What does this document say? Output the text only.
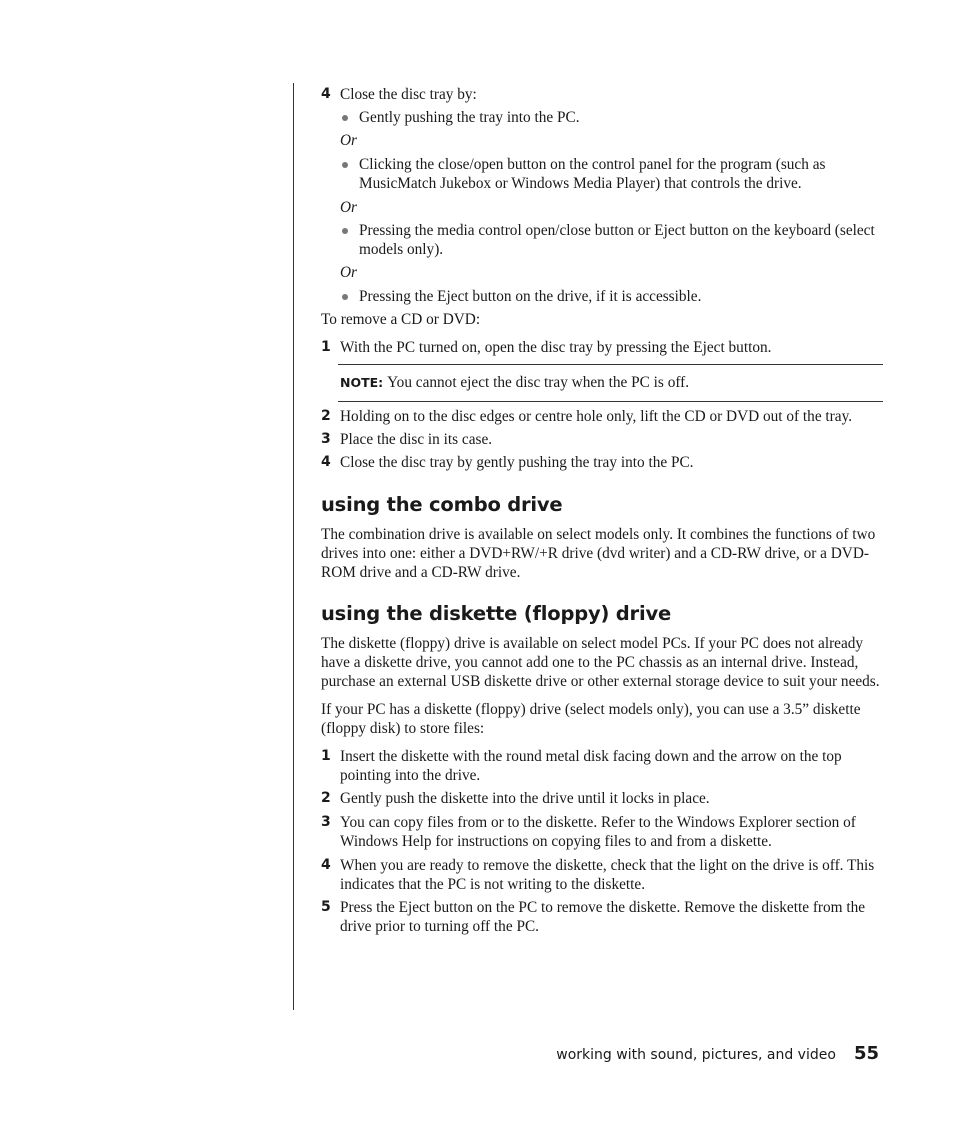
4 Close the disc tray by:

Gently pushing the tray into the PC.

Or

Clicking the close/open button on the control panel for the program (such as MusicMatch Jukebox or Windows Media Player) that controls the drive.

Or

Pressing the media control open/close button or Eject button on the keyboard (select models only).

Or

Pressing the Eject button on the drive, if it is accessible.

To remove a CD or DVD:

1 With the PC turned on, open the disc tray by pressing the Eject button.

NOTE: You cannot eject the disc tray when the PC is off.

2 Holding on to the disc edges or centre hole only, lift the CD or DVD out of the tray.

3 Place the disc in its case.

4 Close the disc tray by gently pushing the tray into the PC.

using the combo drive

The combination drive is available on select models only. It combines the functions of two drives into one: either a DVD+RW/+R drive (dvd writer) and a CD-RW drive, or a DVD-ROM drive and a CD-RW drive.

using the diskette (floppy) drive

The diskette (floppy) drive is available on select model PCs. If your PC does not already have a diskette drive, you cannot add one to the PC chassis as an internal drive. Instead, purchase an external USB diskette drive or other external storage device to suit your needs.

If your PC has a diskette (floppy) drive (select models only), you can use a 3.5” diskette (floppy disk) to store files:

1 Insert the diskette with the round metal disk facing down and the arrow on the top pointing into the drive.

2 Gently push the diskette into the drive until it locks in place.

3 You can copy files from or to the diskette. Refer to the Windows Explorer section of Windows Help for instructions on copying files to and from a diskette.

4 When you are ready to remove the diskette, check that the light on the drive is off. This indicates that the PC is not writing to the diskette.

5 Press the Eject button on the PC to remove the diskette. Remove the diskette from the drive prior to turning off the PC.

working with sound, pictures, and video 55
